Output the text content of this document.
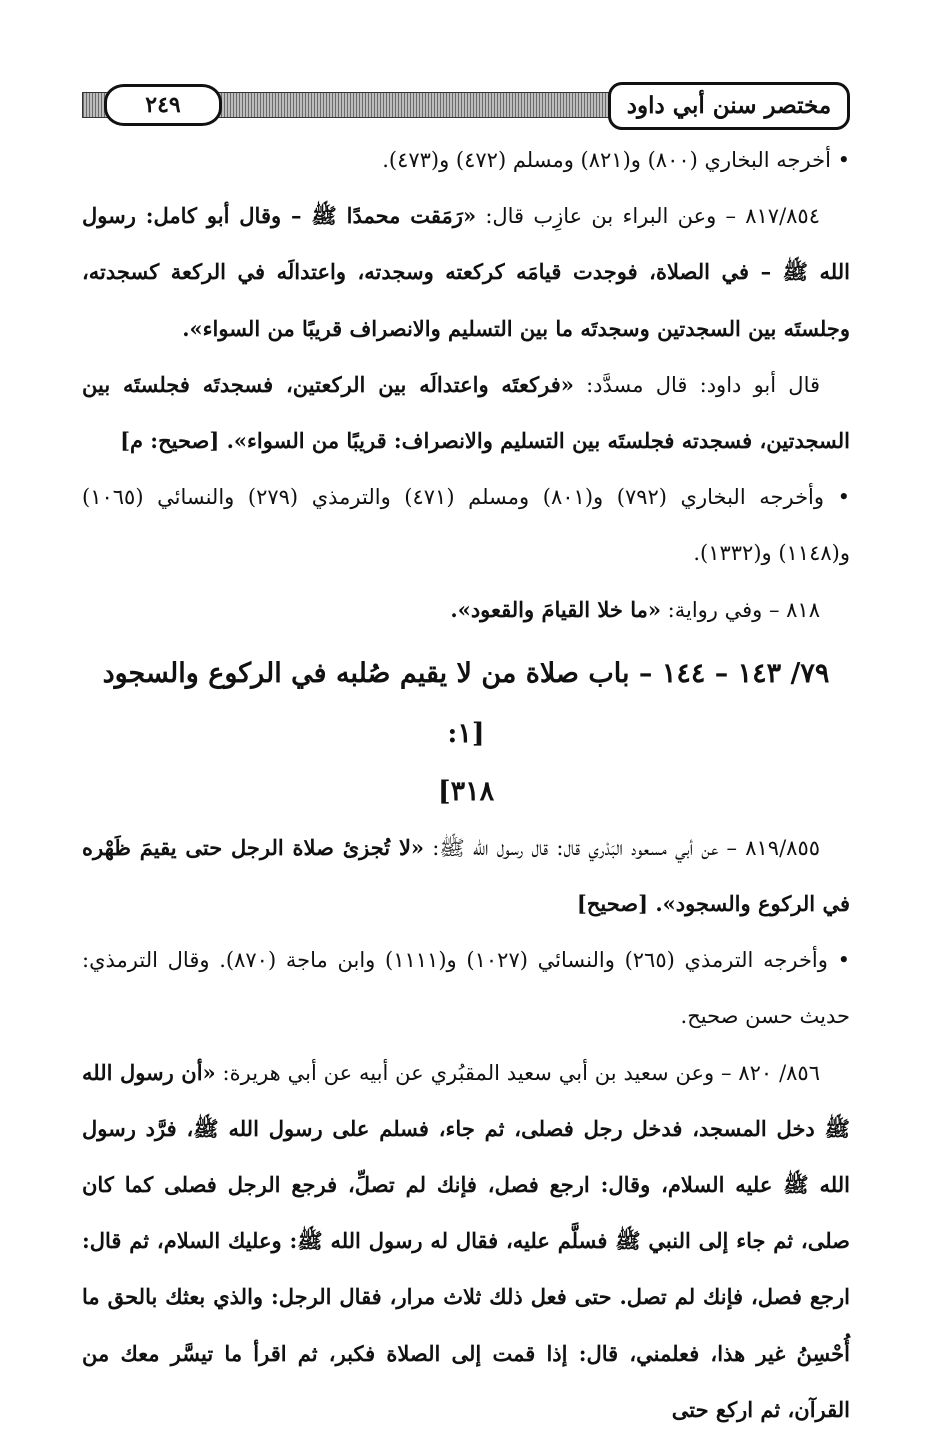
٢٤٩	مختصر سنن أبي داود

• أخرجه البخاري (٨٠٠) و(٨٢١) ومسلم (٤٧٢) و(٤٧٣).

٨١٧/٨٥٤ – وعن البراء بن عازِب قال: «رَمَقت محمدًا ﷺ – وقال أبو كامل: رسول الله ﷺ – في الصلاة، فوجدت قيامَه كركعته وسجدته، واعتدالَه في الركعة كسجدته، وجلستَه بين السجدتين وسجدتَه ما بين التسليم والانصراف قريبًا من السواء».

قال أبو داود: قال مسدَّد: «فركعتَه واعتدالَه بين الركعتين، فسجدتَه فجلستَه بين السجدتين، فسجدته فجلستَه بين التسليم والانصراف: قريبًا من السواء». [صحيح: م]

• وأخرجه البخاري (٧٩٢) و(٨٠١) ومسلم (٤٧١) والترمذي (٢٧٩) والنسائي (١٠٦٥) و(١١٤٨) و(١٣٣٢).

٨١٨ – وفي رواية: «ما خلا القيامَ والقعود».

٧٩/ ١٤٣ – ١٤٤ – باب صلاة من لا يقيم صُلبه في الركوع والسجود [١:
٣١٨]

٨١٩/٨٥٥ – عن أبي مسعود البَدْري قال: قال رسول الله ﷺ: «لا تُجزئ صلاة الرجل حتى يقيمَ ظَهْره في الركوع والسجود». [صحيح]

• وأخرجه الترمذي (٢٦٥) والنسائي (١٠٢٧) و(١١١١) وابن ماجة (٨٧٠). وقال الترمذي: حديث حسن صحيح.

٨٥٦/ ٨٢٠ – وعن سعيد بن أبي سعيد المقبُري عن أبيه عن أبي هريرة: «أن رسول الله ﷺ دخل المسجد، فدخل رجل فصلى، ثم جاء، فسلم على رسول الله ﷺ، فرَّد رسول الله ﷺ عليه السلام، وقال: ارجع فصل، فإنك لم تصلِّ، فرجع الرجل فصلى كما كان صلى، ثم جاء إلى النبي ﷺ فسلَّم عليه، فقال له رسول الله ﷺ: وعليك السلام، ثم قال: ارجع فصل، فإنك لم تصل. حتى فعل ذلك ثلاث مرار، فقال الرجل: والذي بعثك بالحق ما أُحْسِنُ غير هذا، فعلمني، قال: إذا قمت إلى الصلاة فكبر، ثم اقرأ ما تيسَّر معك من القرآن، ثم اركع حتى
